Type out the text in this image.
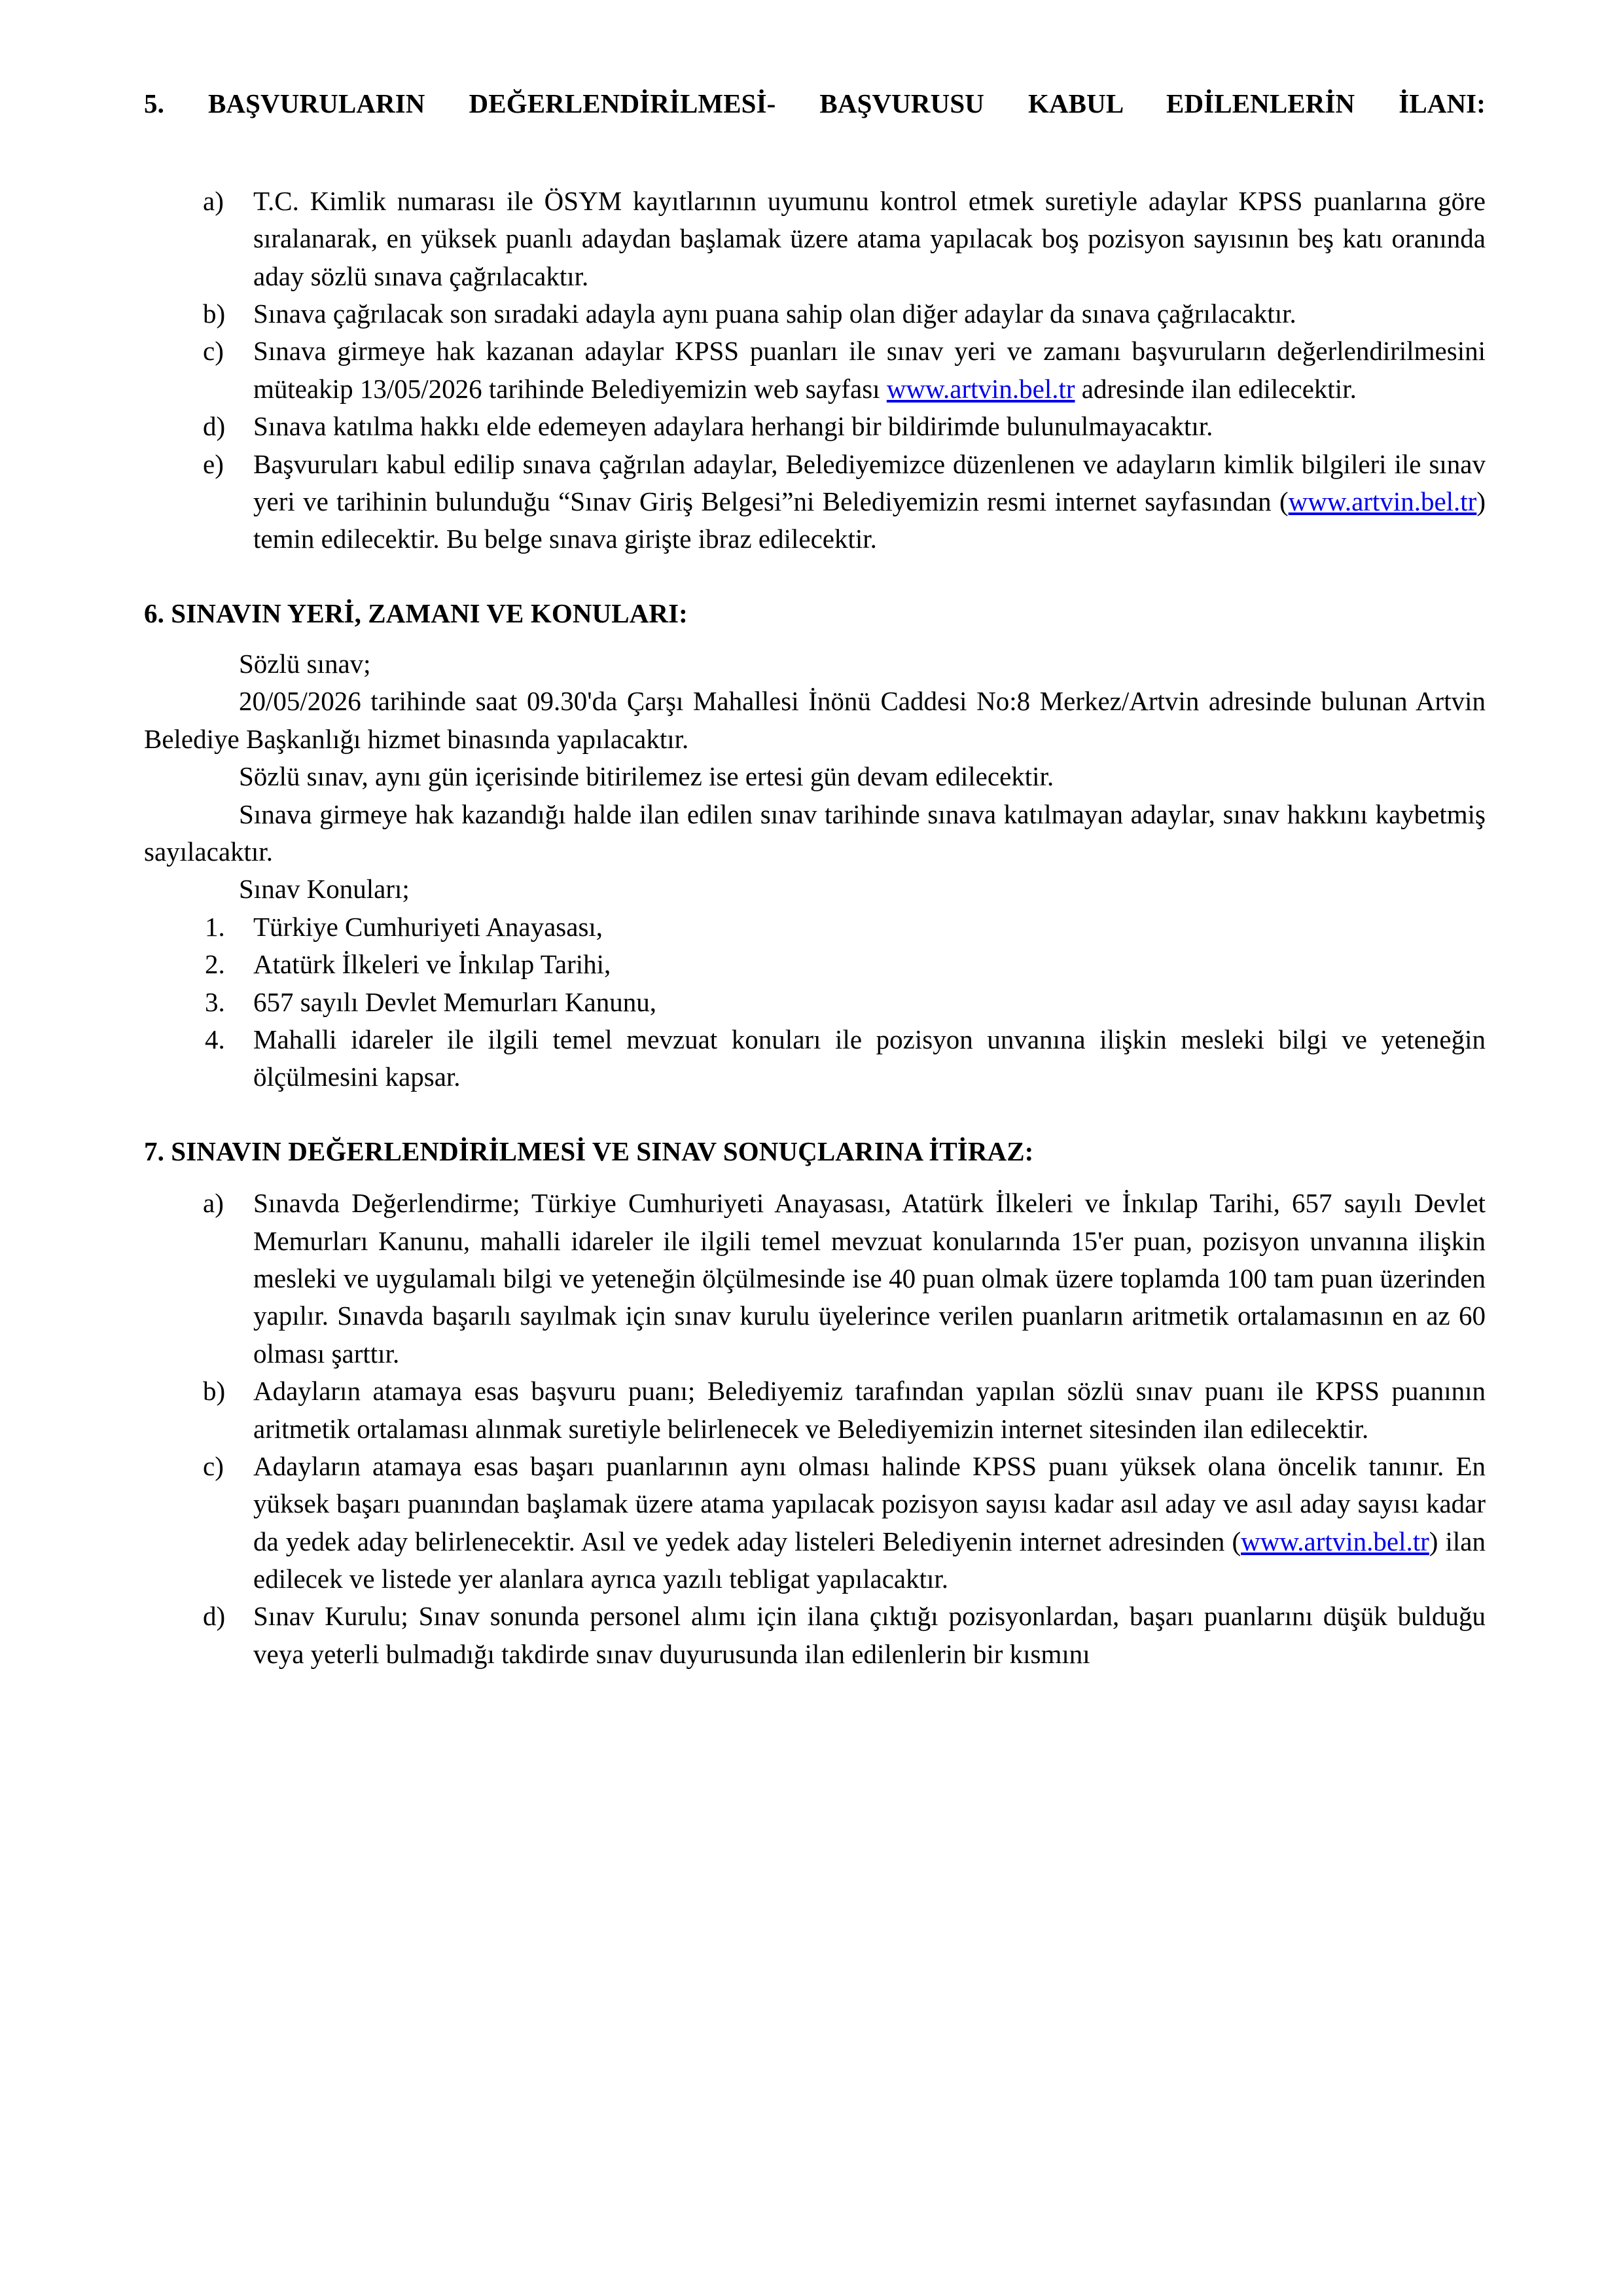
5. BAŞVURULARIN DEĞERLENDİRİLMESİ- BAŞVURUSU KABUL EDİLENLERİN İLANI:
a)	T.C. Kimlik numarası ile ÖSYM kayıtlarının uyumunu kontrol etmek suretiyle adaylar KPSS puanlarına göre sıralanarak, en yüksek puanlı adaydan başlamak üzere atama yapılacak boş pozisyon sayısının beş katı oranında aday sözlü sınava çağrılacaktır.
b)	Sınava çağrılacak son sıradaki adayla aynı puana sahip olan diğer adaylar da sınava çağrılacaktır.
c)	Sınava girmeye hak kazanan adaylar KPSS puanları ile sınav yeri ve zamanı başvuruların değerlendirilmesini müteakip 13/05/2026 tarihinde Belediyemizin web sayfası www.artvin.bel.tr adresinde ilan edilecektir.
d)	Sınava katılma hakkı elde edemeyen adaylara herhangi bir bildirimde bulunulmayacaktır.
e)	Başvuruları kabul edilip sınava çağrılan adaylar, Belediyemizce düzenlenen ve adayların kimlik bilgileri ile sınav yeri ve tarihinin bulunduğu “Sınav Giriş Belgesi”ni Belediyemizin resmi internet sayfasından (www.artvin.bel.tr) temin edilecektir. Bu belge sınava girişte ibraz edilecektir.
6. SINAVIN YERİ, ZAMANI VE KONULARI:

Sözlü sınav;

20/05/2026 tarihinde saat 09.30'da Çarşı Mahallesi İnönü Caddesi No:8 Merkez/Artvin adresinde bulunan Artvin Belediye Başkanlığı hizmet binasında yapılacaktır.

Sözlü sınav, aynı gün içerisinde bitirilemez ise ertesi gün devam edilecektir.

Sınava girmeye hak kazandığı halde ilan edilen sınav tarihinde sınava katılmayan adaylar, sınav hakkını kaybetmiş sayılacaktır.

Sınav Konuları;

1.	Türkiye Cumhuriyeti Anayasası,
2.	Atatürk İlkeleri ve İnkılap Tarihi,
3.	657 sayılı Devlet Memurları Kanunu,
4.	Mahalli idareler ile ilgili temel mevzuat konuları ile pozisyon unvanına ilişkin mesleki bilgi ve yeteneğin ölçülmesini kapsar.
7. SINAVIN DEĞERLENDİRİLMESİ VE SINAV SONUÇLARINA İTİRAZ:
a)	Sınavda Değerlendirme; Türkiye Cumhuriyeti Anayasası, Atatürk İlkeleri ve İnkılap Tarihi, 657 sayılı Devlet Memurları Kanunu, mahalli idareler ile ilgili temel mevzuat konularında 15'er puan, pozisyon unvanına ilişkin mesleki ve uygulamalı bilgi ve yeteneğin ölçülmesinde ise 40 puan olmak üzere toplamda 100 tam puan üzerinden yapılır. Sınavda başarılı sayılmak için sınav kurulu üyelerince verilen puanların aritmetik ortalamasının en az 60 olması şarttır.
b)	Adayların atamaya esas başvuru puanı; Belediyemiz tarafından yapılan sözlü sınav puanı ile KPSS puanının aritmetik ortalaması alınmak suretiyle belirlenecek ve Belediyemizin internet sitesinden ilan edilecektir.
c)	Adayların atamaya esas başarı puanlarının aynı olması halinde KPSS puanı yüksek olana öncelik tanınır. En yüksek başarı puanından başlamak üzere atama yapılacak pozisyon sayısı kadar asıl aday ve asıl aday sayısı kadar da yedek aday belirlenecektir. Asıl ve yedek aday listeleri Belediyenin internet adresinden (www.artvin.bel.tr) ilan edilecek ve listede yer alanlara ayrıca yazılı tebligat yapılacaktır.
d)	Sınav Kurulu; Sınav sonunda personel alımı için ilana çıktığı pozisyonlardan, başarı puanlarını düşük bulduğu veya yeterli bulmadığı takdirde sınav duyurusunda ilan edilenlerin bir kısmını
